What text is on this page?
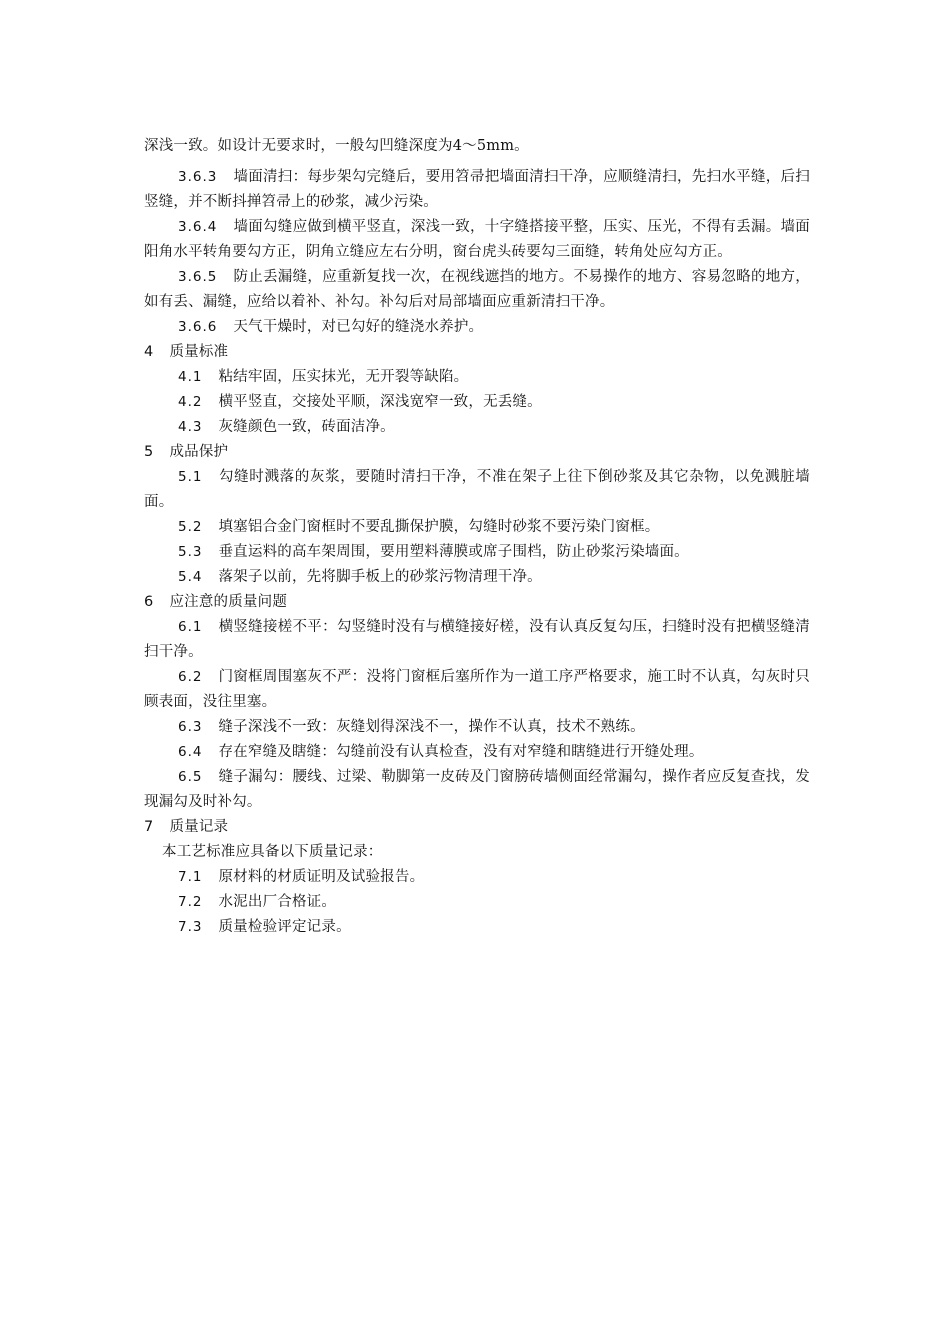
深浅一致。如设计无要求时，一般勾凹缝深度为4～5mm。

3.6.3 墙面清扫：每步架勾完缝后，要用笤帚把墙面清扫干净，应顺缝清扫，先扫水平缝，后扫竖缝，并不断抖掸笤帚上的砂浆，减少污染。

3.6.4 墙面勾缝应做到横平竖直，深浅一致，十字缝搭接平整，压实、压光，不得有丢漏。墙面阳角水平转角要勾方正，阴角立缝应左右分明，窗台虎头砖要勾三面缝，转角处应勾方正。

3.6.5 防止丢漏缝，应重新复找一次，在视线遮挡的地方。不易操作的地方、容易忽略的地方，如有丢、漏缝，应给以着补、补勾。补勾后对局部墙面应重新清扫干净。

3.6.6 天气干燥时，对已勾好的缝浇水养护。

4 质量标准

4.1 粘结牢固，压实抹光，无开裂等缺陷。

4.2 横平竖直，交接处平顺，深浅宽窄一致，无丢缝。

4.3 灰缝颜色一致，砖面洁净。

5 成品保护

5.1 勾缝时溅落的灰浆，要随时清扫干净，不准在架子上往下倒砂浆及其它杂物，以免溅脏墙面。

5.2 填塞铝合金门窗框时不要乱撕保护膜，勾缝时砂浆不要污染门窗框。

5.3 垂直运料的高车架周围，要用塑料薄膜或席子围档，防止砂浆污染墙面。

5.4 落架子以前，先将脚手板上的砂浆污物清理干净。

6 应注意的质量问题

6.1 横竖缝接槎不平：勾竖缝时没有与横缝接好槎，没有认真反复勾压，扫缝时没有把横竖缝清扫干净。

6.2 门窗框周围塞灰不严：没将门窗框后塞所作为一道工序严格要求，施工时不认真，勾灰时只顾表面，没往里塞。

6.3 缝子深浅不一致：灰缝划得深浅不一，操作不认真，技术不熟练。

6.4 存在窄缝及瞎缝：勾缝前没有认真检查，没有对窄缝和瞎缝进行开缝处理。

6.5 缝子漏勾：腰线、过梁、勒脚第一皮砖及门窗膀砖墙侧面经常漏勾，操作者应反复查找，发现漏勾及时补勾。

7 质量记录

本工艺标准应具备以下质量记录：

7.1 原材料的材质证明及试验报告。

7.2 水泥出厂合格证。

7.3 质量检验评定记录。
